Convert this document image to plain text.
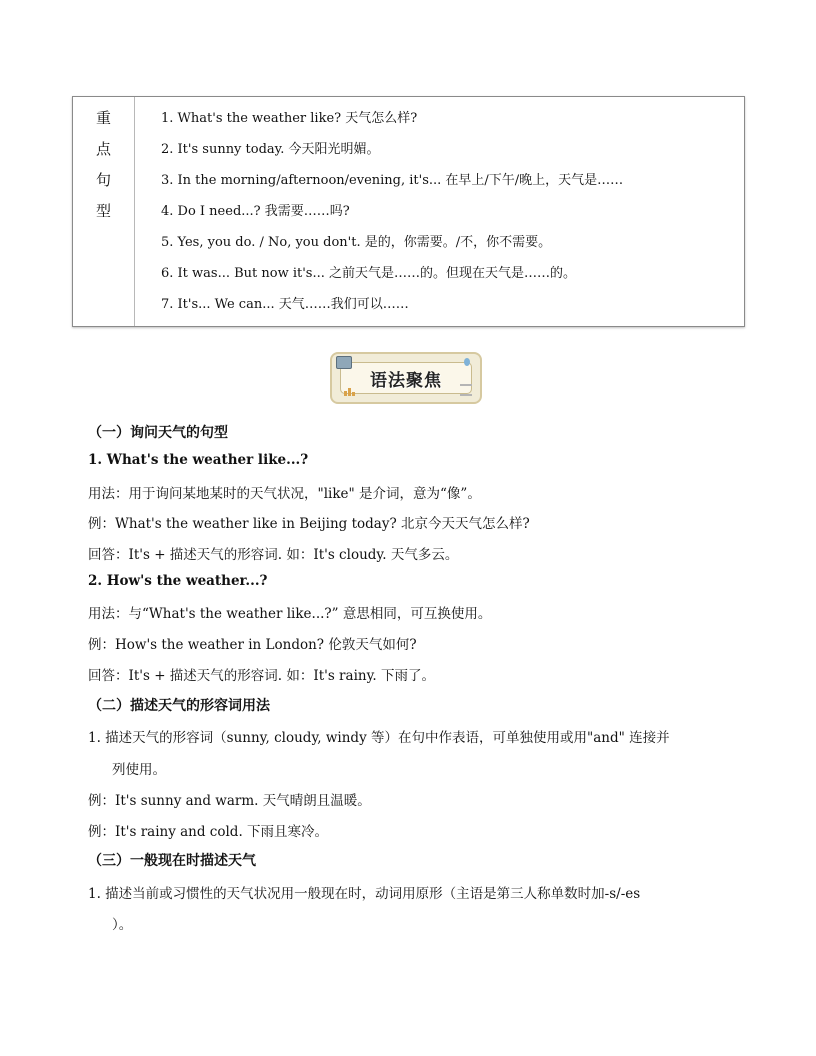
重
点
句
型
1. What's the weather like? 天气怎么样?
2. It's sunny today. 今天阳光明媚。
3. In the morning/afternoon/evening, it's... 在早上/下午/晚上，天气是……
4. Do I need...? 我需要……吗?
5. Yes, you do. / No, you don't. 是的，你需要。/不，你不需要。
6. It was... But now it's... 之前天气是……的。但现在天气是……的。
7. It's... We can... 天气……我们可以……
语法聚焦
（一）询问天气的句型
1. What's the weather like...?
用法：用于询问某地某时的天气状况，"like" 是介词，意为“像”。
例：What's the weather like in Beijing today? 北京今天天气怎么样?
回答：It's + 描述天气的形容词. 如：It's cloudy. 天气多云。
2. How's the weather...?
用法：与“What's the weather like...?” 意思相同，可互换使用。
例：How's the weather in London? 伦敦天气如何?
回答：It's + 描述天气的形容词. 如：It's rainy. 下雨了。
（二）描述天气的形容词用法
1. 描述天气的形容词（sunny, cloudy, windy 等）在句中作表语，可单独使用或用"and" 连接并
列使用。
例：It's sunny and warm. 天气晴朗且温暖。
例：It's rainy and cold. 下雨且寒冷。
（三）一般现在时描述天气
1. 描述当前或习惯性的天气状况用一般现在时，动词用原形（主语是第三人称单数时加-s/-es
）。
